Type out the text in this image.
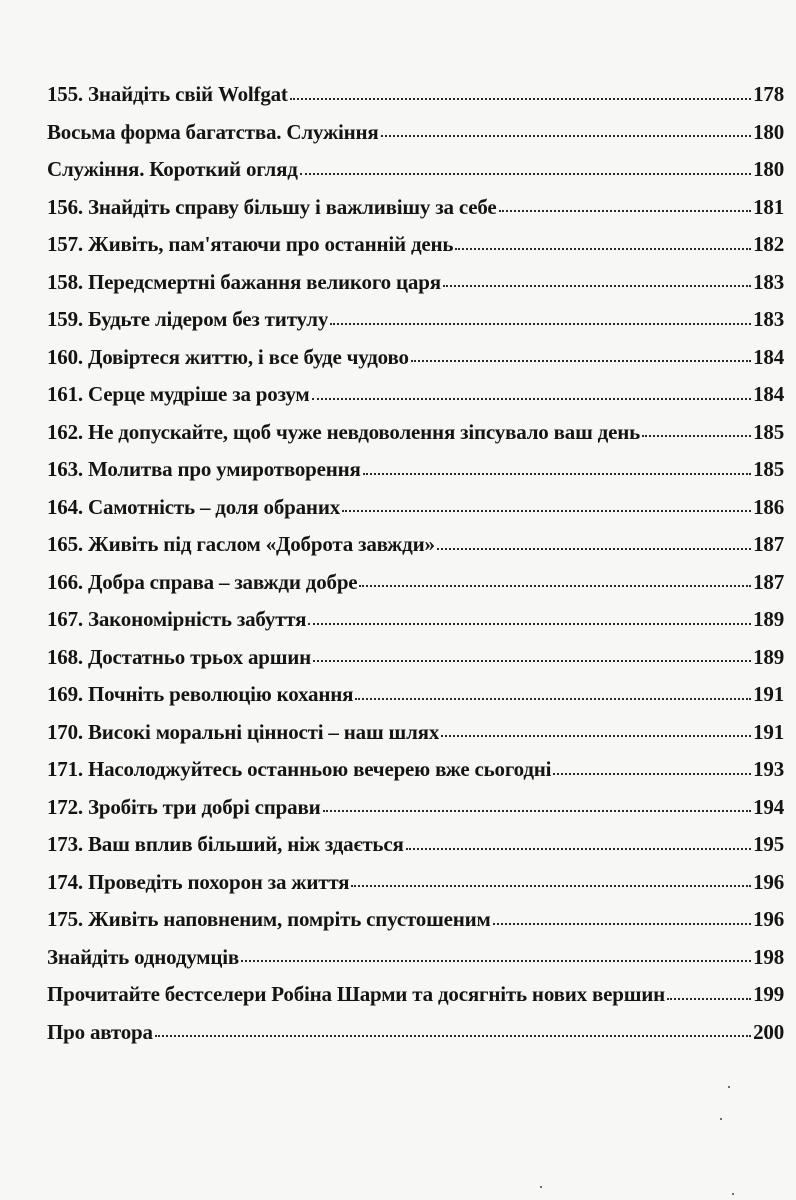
155. Знайдіть свій Wolfgat	178
Восьма форма багатства. Служіння	180
Служіння. Короткий огляд	180
156. Знайдіть справу більшу і важливішу за себе	181
157. Живіть, пам'ятаючи про останній день	182
158. Передсмертні бажання великого царя	183
159. Будьте лідером без титулу	183
160. Довіртеся життю, і все буде чудово	184
161. Серце мудріше за розум	184
162. Не допускайте, щоб чуже невдоволення зіпсувало ваш день	185
163. Молитва про умиротворення	185
164. Самотність – доля обраних	186
165. Живіть під гаслом «Доброта завжди»	187
166. Добра справа – завжди добре	187
167. Закономірність забуття	189
168. Достатньо трьох аршин	189
169. Почніть революцію кохання	191
170. Високі моральні цінності – наш шлях	191
171. Насолоджуйтесь останньою вечерею вже сьогодні	193
172. Зробіть три добрі справи	194
173. Ваш вплив більший, ніж здається	195
174. Проведіть похорон за життя	196
175. Живіть наповненим, помріть спустошеним	196
Знайдіть однодумців	198
Прочитайте бестселери Робіна Шарми та досягніть нових вершин	199
Про автора	200
